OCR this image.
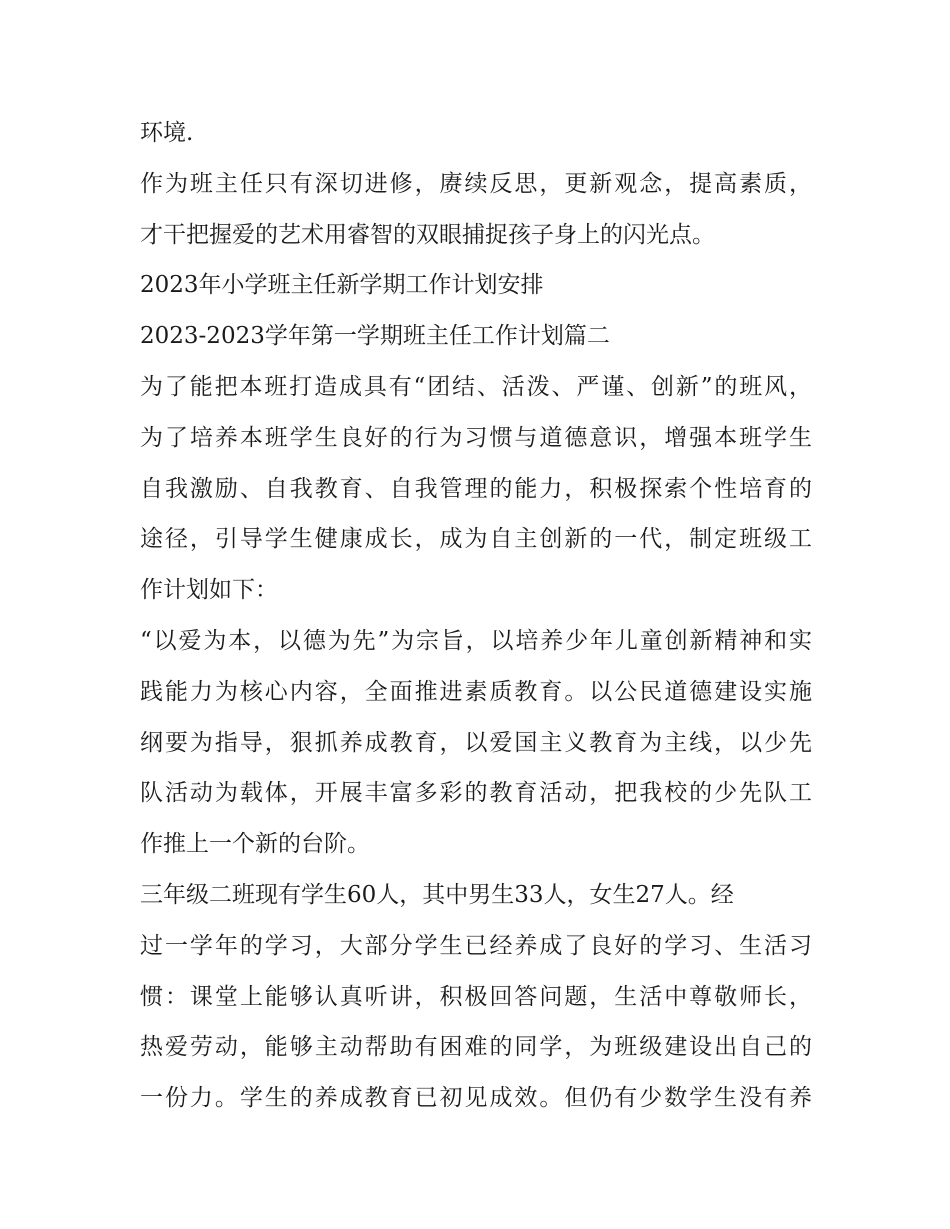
环境.
作为班主任只有深切进修，赓续反思，更新观念，提高素质，
才干把握爱的艺术用睿智的双眼捕捉孩子身上的闪光点。
2023年小学班主任新学期工作计划安排
2023-2023学年第一学期班主任工作计划篇二
为了能把本班打造成具有“团结、活泼、严谨、创新”的班风，
为了培养本班学生良好的行为习惯与道德意识，增强本班学生
自我激励、自我教育、自我管理的能力，积极探索个性培育的
途径，引导学生健康成长，成为自主创新的一代，制定班级工
作计划如下：
“以爱为本，以德为先”为宗旨，以培养少年儿童创新精神和实
践能力为核心内容，全面推进素质教育。以公民道德建设实施
纲要为指导，狠抓养成教育，以爱国主义教育为主线，以少先
队活动为载体，开展丰富多彩的教育活动，把我校的少先队工
作推上一个新的台阶。
三年级二班现有学生60人，其中男生33人，女生27人。经
过一学年的学习，大部分学生已经养成了良好的学习、生活习
惯：课堂上能够认真听讲，积极回答问题，生活中尊敬师长，
热爱劳动，能够主动帮助有困难的同学，为班级建设出自己的
一份力。学生的养成教育已初见成效。但仍有少数学生没有养
